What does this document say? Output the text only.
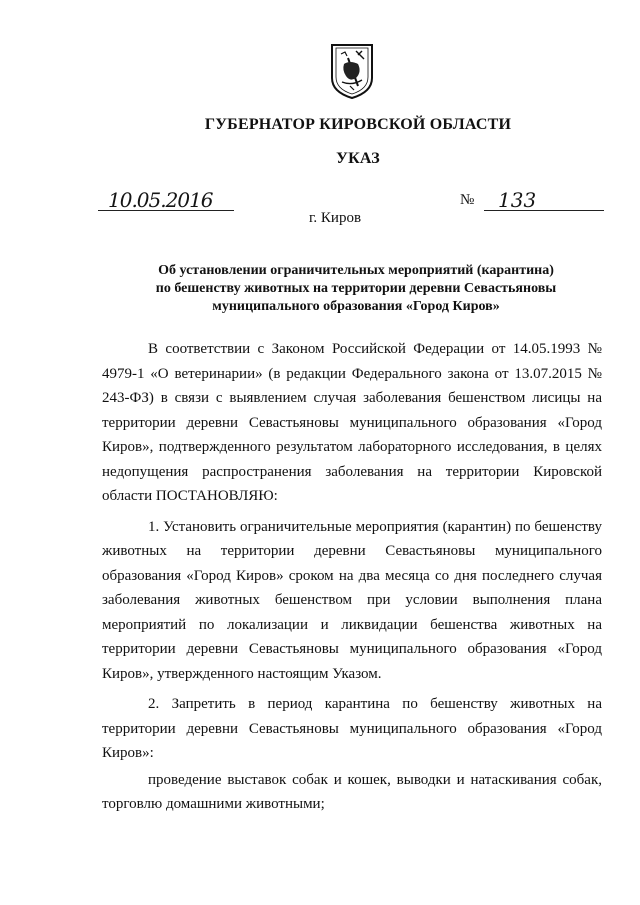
ГУБЕРНАТОР КИРОВСКОЙ ОБЛАСТИ
УКАЗ
10.05.2016	№ 133
г. Киров
Об установлении ограничительных мероприятий (карантина)
по бешенству животных на территории деревни Севастьяновы
муниципального образования «Город Киров»

В соответствии с Законом Российской Федерации от 14.05.1993 № 4979-1 «О ветеринарии» (в редакции Федерального закона от 13.07.2015 № 243-ФЗ) в связи с выявлением случая заболевания бешенством лисицы на территории деревни Севастьяновы муниципального образования «Город Киров», подтвержденного результатом лабораторного исследования, в целях недопущения распространения заболевания на территории Кировской области ПОСТАНОВЛЯЮ:

1. Установить ограничительные мероприятия (карантин) по бешенству животных на территории деревни Севастьяновы муниципального образования «Город Киров» сроком на два месяца со дня последнего случая заболевания животных бешенством при условии выполнения плана мероприятий по локализации и ликвидации бешенства животных на территории деревни Севастьяновы муниципального образования «Город Киров», утвержденного настоящим Указом.

2. Запретить в период карантина по бешенству животных на территории деревни Севастьяновы муниципального образования «Город Киров»:

проведение выставок собак и кошек, выводки и натаскивания собак, торговлю домашними животными;
